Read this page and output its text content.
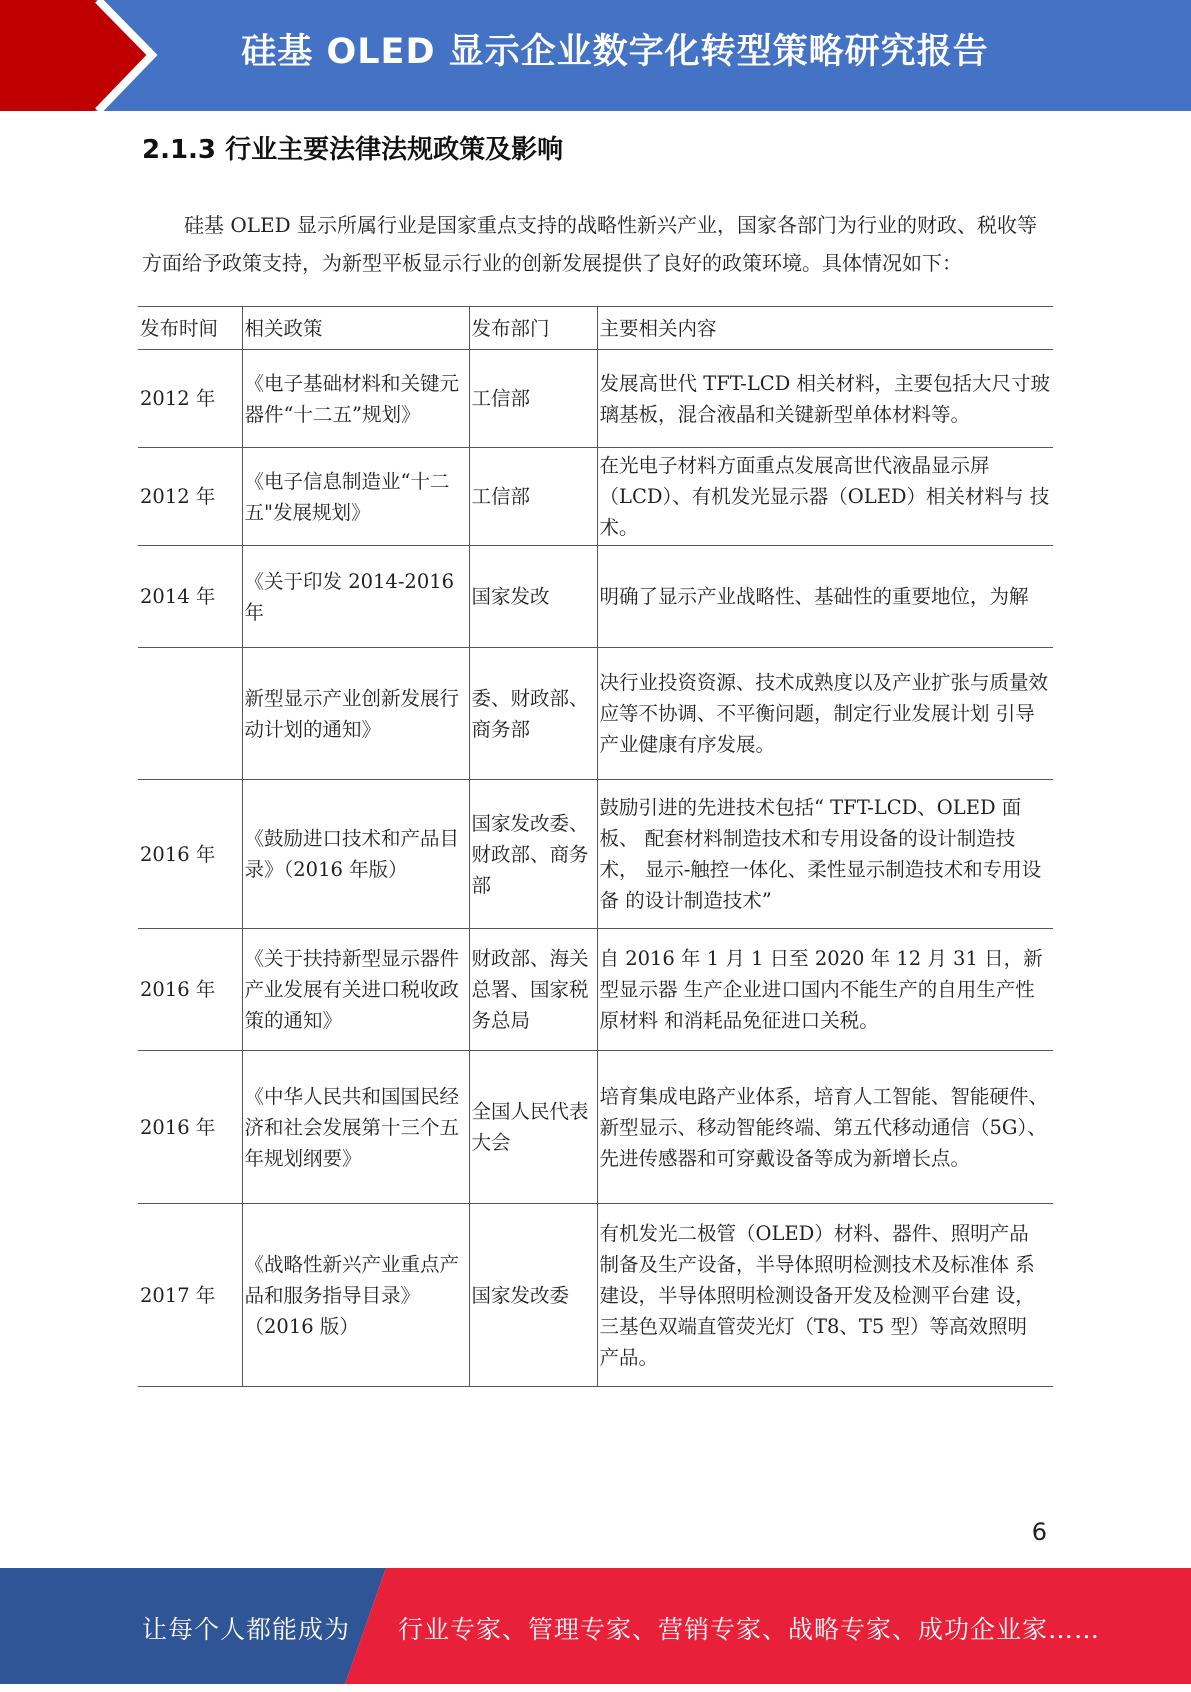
硅基 OLED 显示企业数字化转型策略研究报告
2.1.3 行业主要法律法规政策及影响
硅基 OLED 显示所属行业是国家重点支持的战略性新兴产业，国家各部门为行业的财政、税收等方面给予政策支持，为新型平板显示行业的创新发展提供了良好的政策环境。具体情况如下：
发布时间	相关政策	发布部门	主要相关内容
2012 年	《电子基础材料和关键元器件“十二五”规划》	工信部	发展高世代 TFT-LCD 相关材料，主要包括大尺寸玻璃基板，混合液晶和关键新型单体材料等。
2012 年	《电子信息制造业“十二五"发展规划》	工信部	在光电子材料方面重点发展高世代液晶显示屏（LCD）、有机发光显示器（OLED）相关材料与 技术。
2014 年	《关于印发 2014-2016 年	国家发改	明确了显示产业战略性、基础性的重要地位，为解
	新型显示产业创新发展行动计划的通知》	委、财政部、商务部	决行业投资资源、技术成熟度以及产业扩张与质量效应等不协调、不平衡问题，制定行业发展计划 引导产业健康有序发展。
2016 年	《鼓励进口技术和产品目录》（2016 年版）	国家发改委、财政部、商务部	鼓励引进的先进技术包括“ TFT-LCD、OLED 面板、 配套材料制造技术和专用设备的设计制造技术， 显示-触控一体化、柔性显示制造技术和专用设备 的设计制造技术”
2016 年	《关于扶持新型显示器件产业发展有关进口税收政策的通知》	财政部、海关总署、国家税务总局	自 2016 年 1 月 1 日至 2020 年 12 月 31 日，新型显示器 生产企业进口国内不能生产的自用生产性原材料 和消耗品免征进口关税。
2016 年	《中华人民共和国国民经济和社会发展第十三个五年规划纲要》	全国人民代表大会	培育集成电路产业体系，培育人工智能、智能硬件、新型显示、移动智能终端、第五代移动通信（5G）、先进传感器和可穿戴设备等成为新增长点。
2017 年	《战略性新兴产业重点产品和服务指导目录》（2016 版）	国家发改委	有机发光二极管（OLED）材料、器件、照明产品 制备及生产设备，半导体照明检测技术及标准体 系建设，半导体照明检测设备开发及检测平台建 设，三基色双端直管荧光灯（T8、T5 型）等高效照明 产品。
6
让每个人都能成为 行业专家、管理专家、营销专家、战略专家、成功企业家……
